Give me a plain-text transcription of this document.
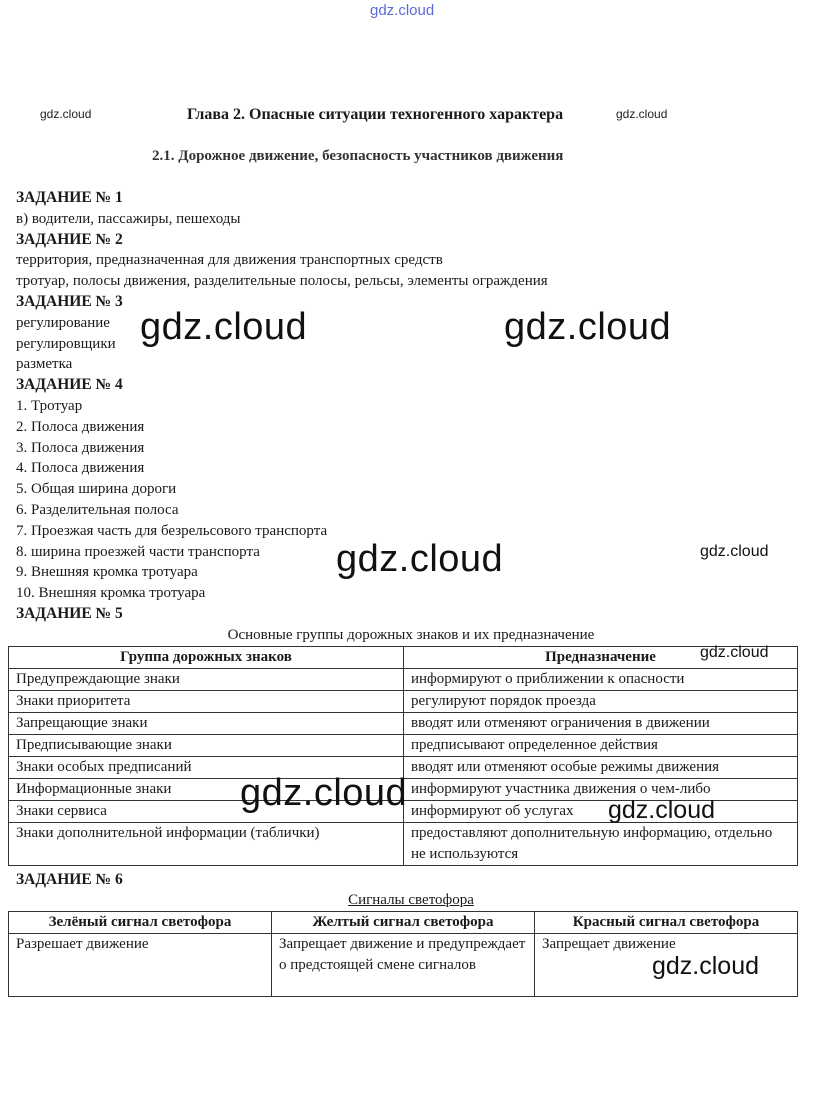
gdz.cloud
gdz.cloud	gdz.cloud
Глава 2. Опасные ситуации техногенного характера
2.1. Дорожное движение, безопасность участников движения
ЗАДАНИЕ № 1
в) водители, пассажиры, пешеходы
ЗАДАНИЕ № 2
территория, предназначенная для движения транспортных средств
тротуар, полосы движения, разделительные полосы, рельсы, элементы ограждения
ЗАДАНИЕ № 3
регулирование
регулировщики
разметка
ЗАДАНИЕ № 4
1. Тротуар
2. Полоса движения
3. Полоса движения
4. Полоса движения
5. Общая ширина дороги
6. Разделительная полоса
7. Проезжая часть для безрельсового транспорта
8. ширина проезжей части транспорта
9. Внешняя кромка тротуара
10. Внешняя кромка тротуара
ЗАДАНИЕ № 5
Основные группы дорожных знаков и их предназначение
Группа дорожных знаков	Предназначение
Предупреждающие знаки	информируют о приближении к опасности
Знаки приоритета	регулируют порядок проезда
Запрещающие знаки	вводят или отменяют ограничения в движении
Предписывающие знаки	предписывают определенное действия
Знаки особых предписаний	вводят или отменяют особые режимы движения
Информационные знаки	информируют участника движения о чем-либо
Знаки сервиса	информируют об услугах
Знаки дополнительной информации (таблички)	предоставляют дополнительную информацию, отдельно не используются
ЗАДАНИЕ № 6
Сигналы светофора
Зелёный сигнал светофора	Желтый сигнал светофора	Красный сигнал светофора
Разрешает движение	Запрещает движение и предупреждает о предстоящей смене сигналов	Запрещает движение
gdz.cloud	gdz.cloud
gdz.cloud
gdz.cloud
gdz.cloud
gdz.cloud	gdz.cloud
gdz.cloud
